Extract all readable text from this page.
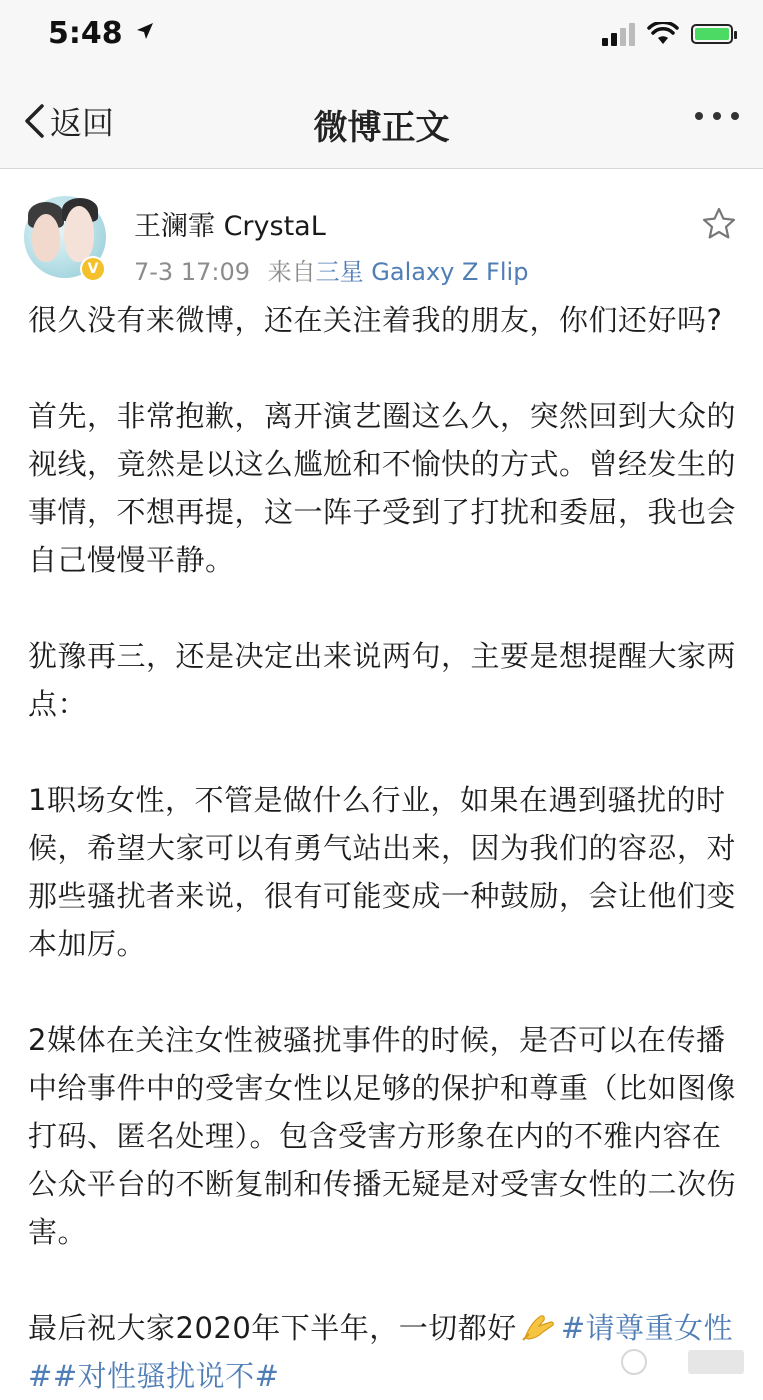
5:48
返回	微博正文
V
王澜霏 CrystaL
7-3 17:09 来自三星 Galaxy Z Flip

很久没有来微博，还在关注着我的朋友，你们还好吗?

首先，非常抱歉，离开演艺圈这么久，突然回到大众的视线，竟然是以这么尴尬和不愉快的方式。曾经发生的事情，不想再提，这一阵子受到了打扰和委屈，我也会自己慢慢平静。

犹豫再三，还是决定出来说两句，主要是想提醒大家两点：

1职场女性，不管是做什么行业，如果在遇到骚扰的时候，希望大家可以有勇气站出来，因为我们的容忍，对那些骚扰者来说，很有可能变成一种鼓励，会让他们变本加厉。

2媒体在关注女性被骚扰事件的时候，是否可以在传播中给事件中的受害女性以足够的保护和尊重（比如图像打码、匿名处理）。包含受害方形象在内的不雅内容在公众平台的不断复制和传播无疑是对受害女性的二次伤害。

最后祝大家2020年下半年，一切都好 #请尊重女性##对性骚扰说不#
